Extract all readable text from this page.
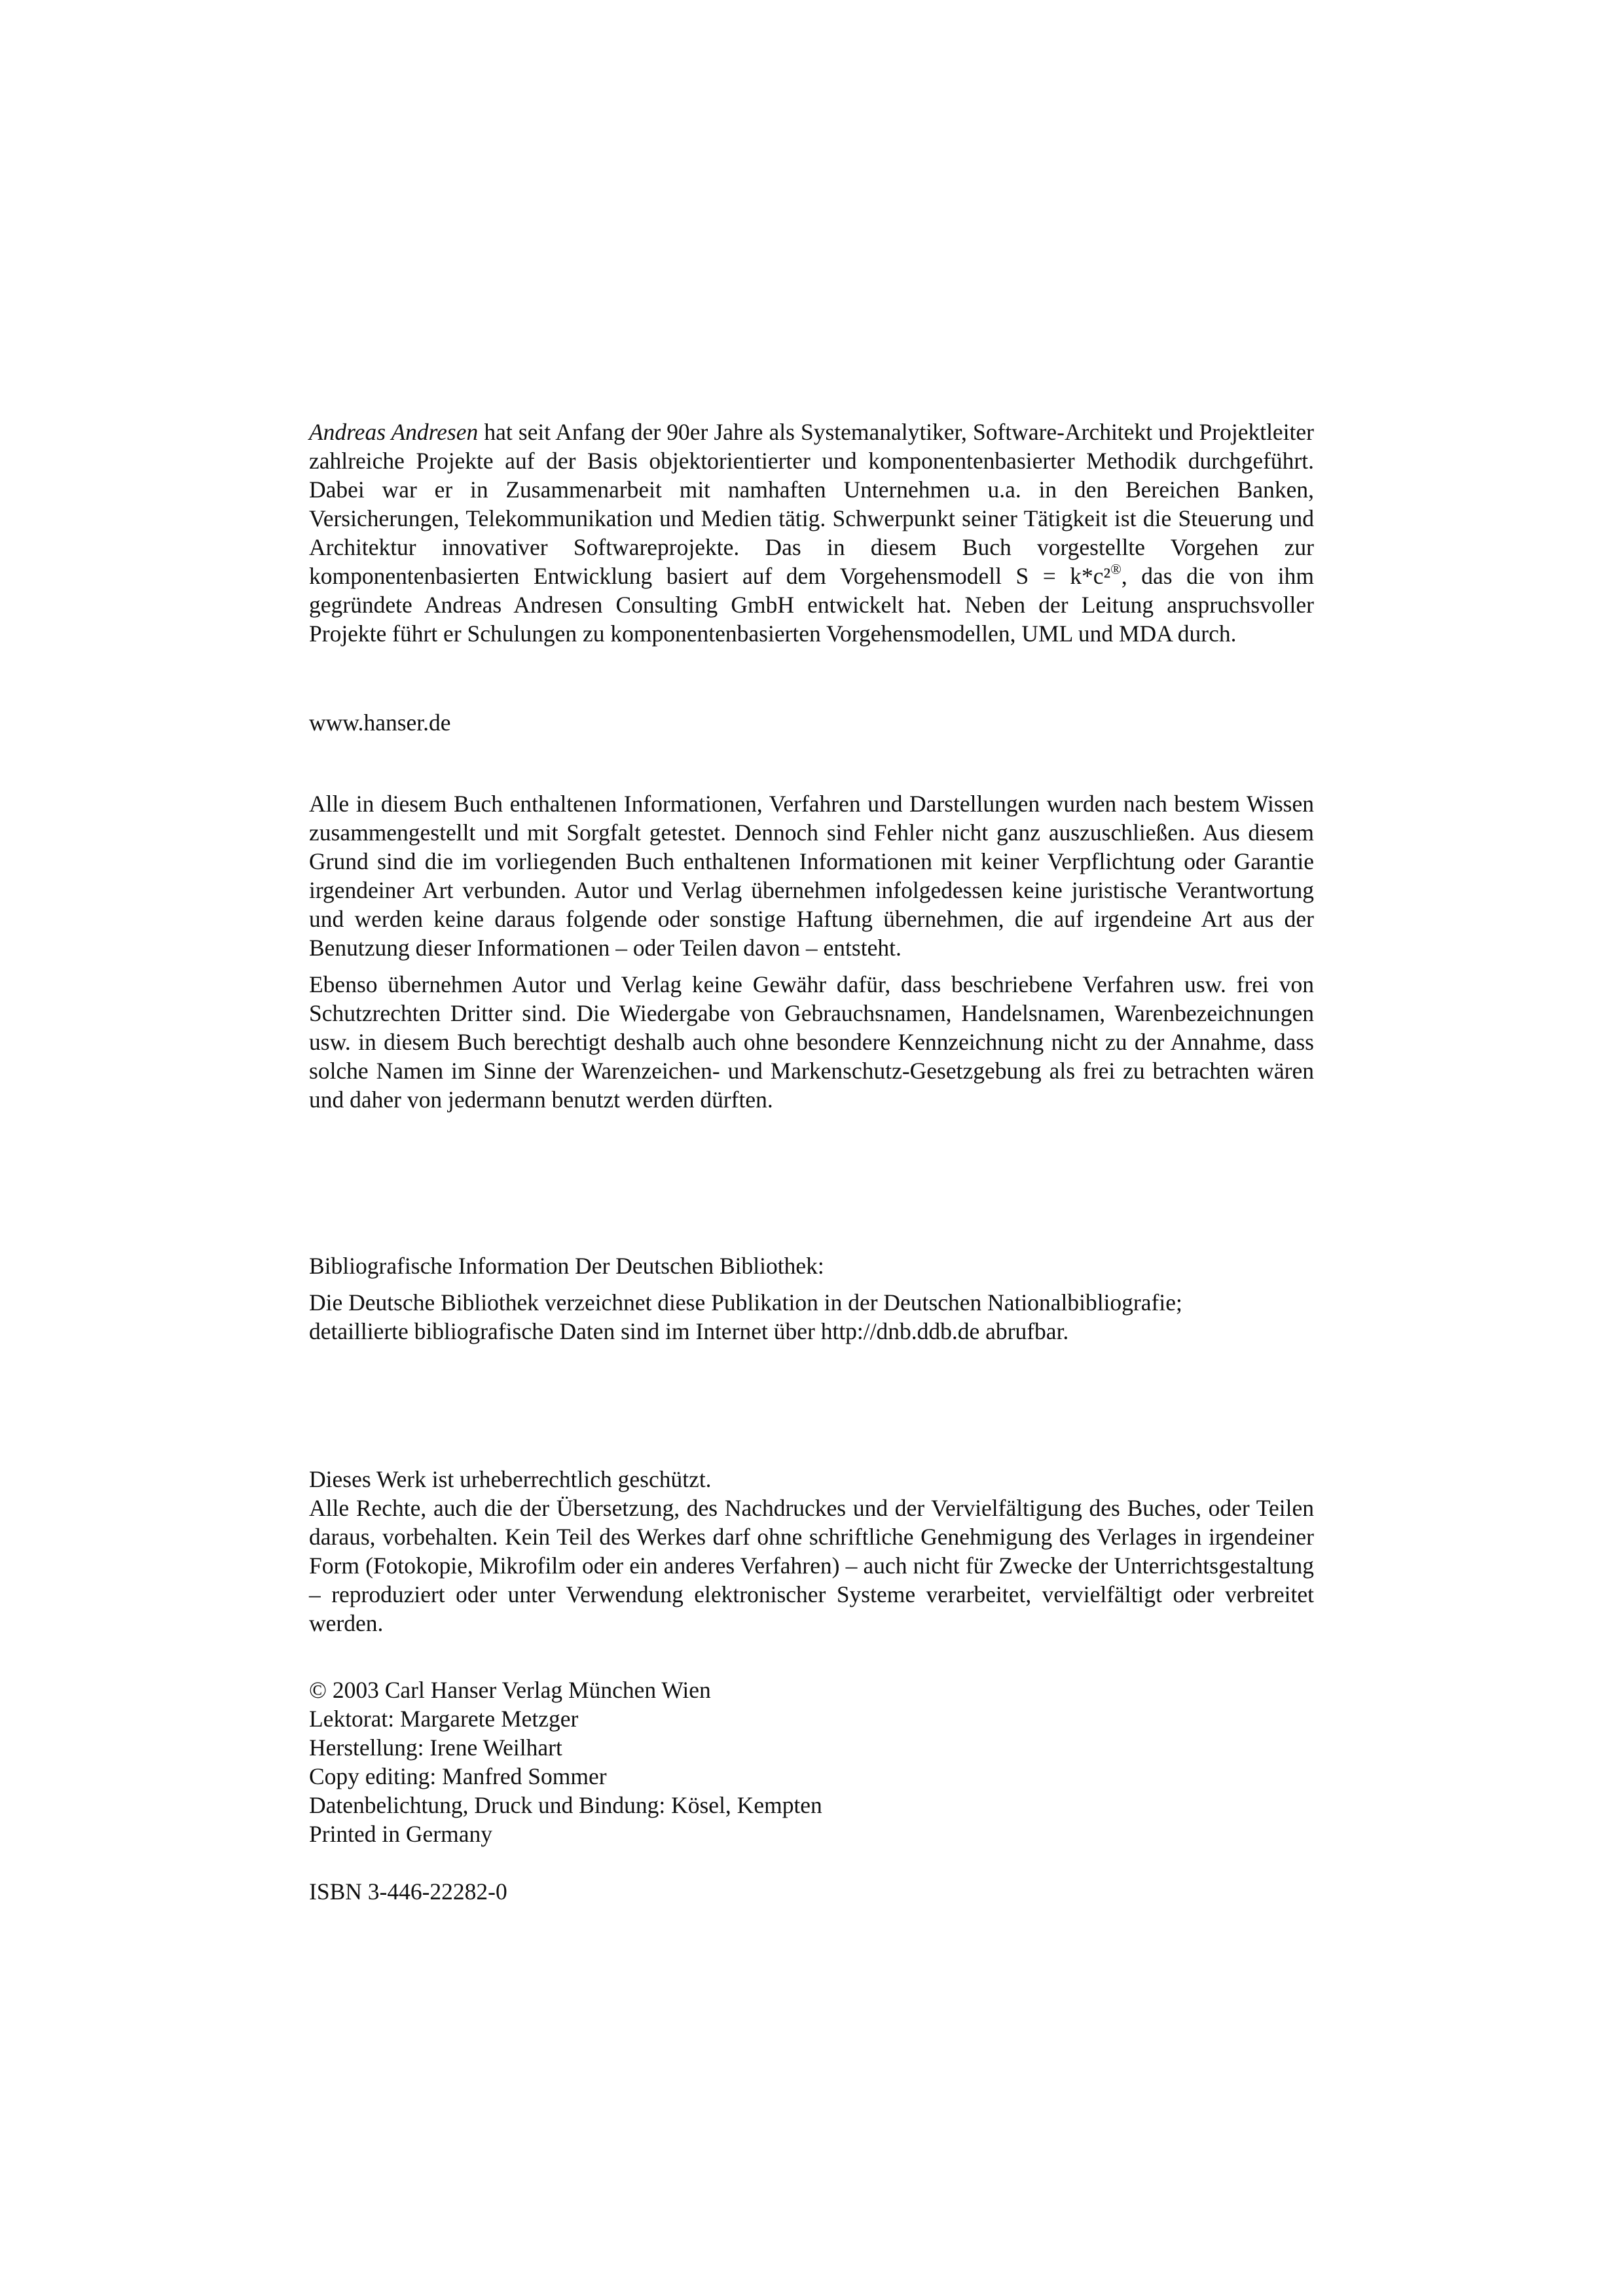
Andreas Andresen hat seit Anfang der 90er Jahre als Systemanalytiker, Software-Architekt und Projektleiter zahlreiche Projekte auf der Basis objektorientierter und komponentenbasierter Methodik durchgeführt. Dabei war er in Zusammenarbeit mit namhaften Unternehmen u.a. in den Bereichen Banken, Versicherungen, Telekommunikation und Medien tätig. Schwerpunkt seiner Tätigkeit ist die Steuerung und Architektur innovativer Softwareprojekte. Das in diesem Buch vorgestellte Vorgehen zur komponentenbasierten Entwicklung basiert auf dem Vorgehensmodell S = k*c²®, das die von ihm gegründete Andreas Andresen Consulting GmbH entwickelt hat. Neben der Leitung anspruchsvoller Projekte führt er Schulungen zu komponentenbasierten Vorgehensmodellen, UML und MDA durch.

www.hanser.de

Alle in diesem Buch enthaltenen Informationen, Verfahren und Darstellungen wurden nach bestem Wissen zusammengestellt und mit Sorgfalt getestet. Dennoch sind Fehler nicht ganz auszuschließen. Aus diesem Grund sind die im vorliegenden Buch enthaltenen Informationen mit keiner Verpflichtung oder Garantie irgendeiner Art verbunden. Autor und Verlag übernehmen infolgedessen keine juristische Verantwortung und werden keine daraus folgende oder sonstige Haftung übernehmen, die auf irgendeine Art aus der Benutzung dieser Informationen – oder Teilen davon – entsteht.

Ebenso übernehmen Autor und Verlag keine Gewähr dafür, dass beschriebene Verfahren usw. frei von Schutzrechten Dritter sind. Die Wiedergabe von Gebrauchsnamen, Handelsnamen, Warenbezeichnungen usw. in diesem Buch berechtigt deshalb auch ohne besondere Kennzeichnung nicht zu der Annahme, dass solche Namen im Sinne der Warenzeichen- und Markenschutz-Gesetzgebung als frei zu betrachten wären und daher von jedermann benutzt werden dürften.

Bibliografische Information Der Deutschen Bibliothek:

Die Deutsche Bibliothek verzeichnet diese Publikation in der Deutschen Nationalbibliografie;

detaillierte bibliografische Daten sind im Internet über http://dnb.ddb.de abrufbar.

Dieses Werk ist urheberrechtlich geschützt.

Alle Rechte, auch die der Übersetzung, des Nachdruckes und der Vervielfältigung des Buches, oder Teilen daraus, vorbehalten. Kein Teil des Werkes darf ohne schriftliche Genehmigung des Verlages in irgendeiner Form (Fotokopie, Mikrofilm oder ein anderes Verfahren) – auch nicht für Zwecke der Unterrichtsgestaltung – reproduziert oder unter Verwendung elektronischer Systeme verarbeitet, vervielfältigt oder verbreitet werden.

© 2003 Carl Hanser Verlag München Wien
Lektorat: Margarete Metzger
Herstellung: Irene Weilhart
Copy editing: Manfred Sommer
Datenbelichtung, Druck und Bindung: Kösel, Kempten
Printed in Germany

ISBN 3-446-22282-0
